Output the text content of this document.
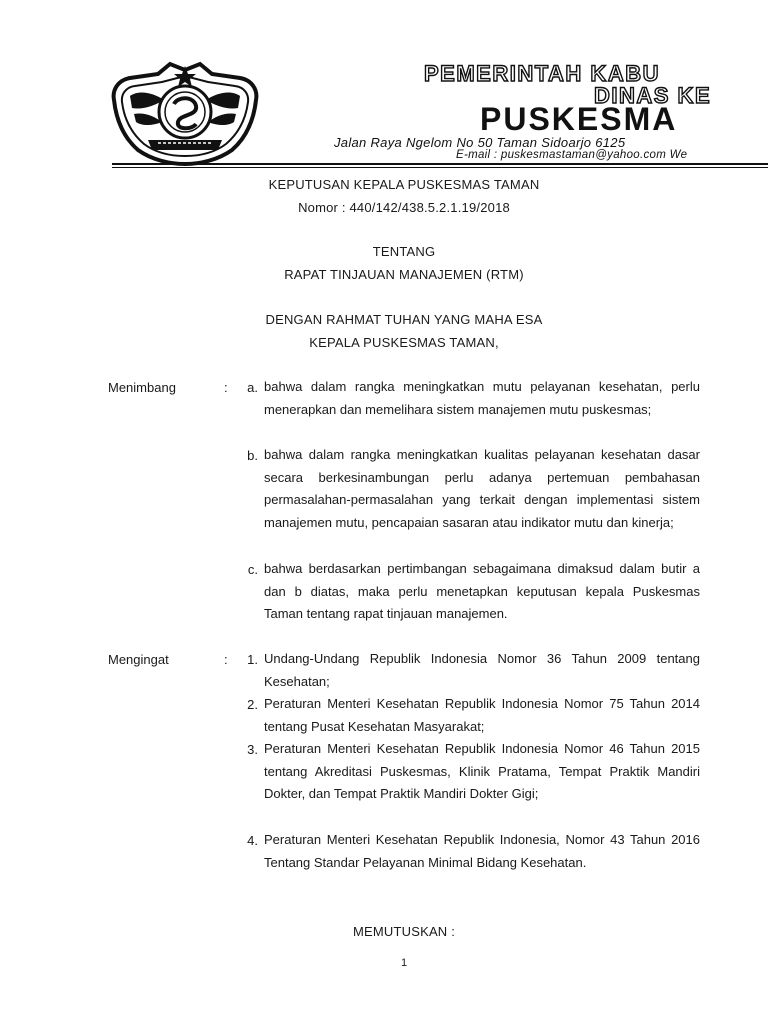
PEMERINTAH KABU
DINAS KE
PUSKESMA
Jalan Raya Ngelom No 50 Taman Sidoarjo 6125
E-mail : puskesmastaman@yahoo.com We
KEPUTUSAN KEPALA PUSKESMAS TAMAN
Nomor : 440/142/438.5.2.1.19/2018
TENTANG
RAPAT TINJAUAN MANAJEMEN (RTM)
DENGAN RAHMAT TUHAN YANG MAHA ESA
KEPALA PUSKESMAS TAMAN,
Menimbang	:	a. bahwa dalam rangka meningkatkan mutu pelayanan kesehatan, perlu menerapkan dan memelihara sistem manajemen mutu puskesmas;

b. bahwa dalam rangka meningkatkan kualitas pelayanan kesehatan dasar secara berkesinambungan perlu adanya pertemuan pembahasan permasalahan-permasalahan yang terkait dengan implementasi sistem manajemen mutu, pencapaian sasaran atau indikator mutu dan kinerja;

c. bahwa berdasarkan pertimbangan sebagaimana dimaksud dalam butir a dan b diatas, maka perlu menetapkan keputusan kepala Puskesmas Taman tentang rapat tinjauan manajemen.

Mengingat	:	1. Undang-Undang Republik Indonesia Nomor 36 Tahun 2009 tentang Kesehatan;

2. Peraturan Menteri Kesehatan Republik Indonesia Nomor 75 Tahun 2014 tentang Pusat Kesehatan Masyarakat;

3. Peraturan Menteri Kesehatan Republik Indonesia Nomor 46 Tahun 2015 tentang Akreditasi Puskesmas, Klinik Pratama, Tempat Praktik Mandiri Dokter, dan Tempat Praktik Mandiri Dokter Gigi;

4. Peraturan Menteri Kesehatan Republik Indonesia, Nomor 43 Tahun 2016 Tentang Standar Pelayanan Minimal Bidang Kesehatan.

MEMUTUSKAN :
1
